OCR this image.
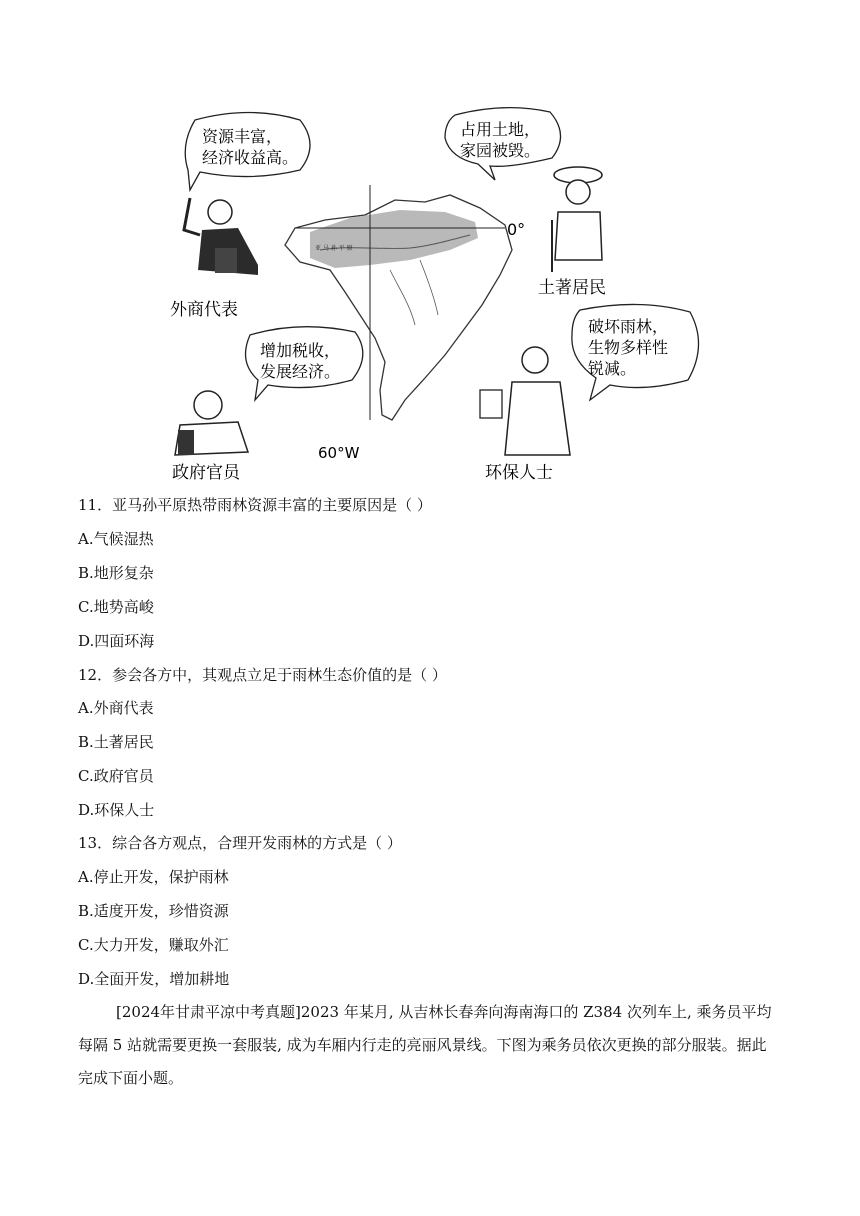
0°
60°W
亚 马 孙 平 原
资源丰富，
经济收益高。
外商代表
占用土地，
家园被毁。
土著居民
增加税收，
发展经济。
政府官员
破坏雨林，
生物多样性
锐减。
环保人士
11．亚马孙平原热带雨林资源丰富的主要原因是（ ）
A.气候湿热
B.地形复杂
C.地势高峻
D.四面环海
12．参会各方中，其观点立足于雨林生态价值的是（ ）
A.外商代表
B.土著居民
C.政府官员
D.环保人士
13．综合各方观点，合理开发雨林的方式是（ ）
A.停止开发，保护雨林
B.适度开发，珍惜资源
C.大力开发，赚取外汇
D.全面开发，增加耕地
[2024年甘肃平凉中考真题]2023 年某月, 从吉林长春奔向海南海口的 Z384 次列车上, 乘务员平均每隔 5 站就需要更换一套服装, 成为车厢内行走的亮丽风景线。下图为乘务员依次更换的部分服装。据此完成下面小题。
